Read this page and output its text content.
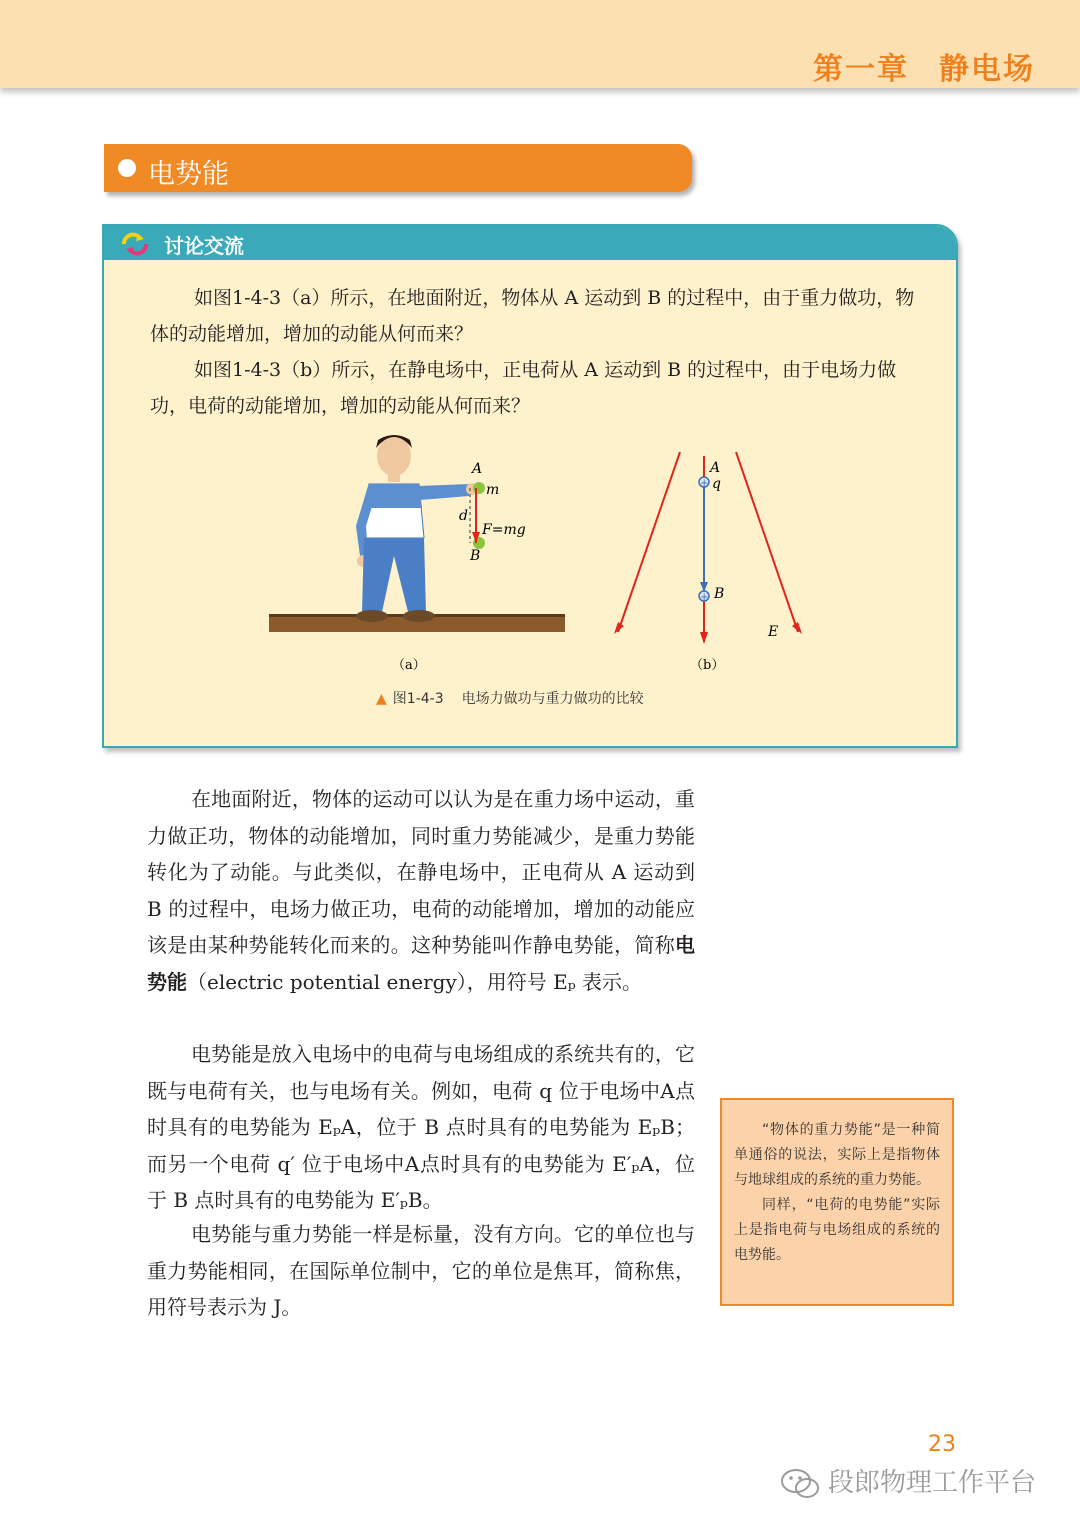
第一章 静电场
电势能
讨论交流

如图1-4-3（a）所示，在地面附近，物体从 A 运动到 B 的过程中，由于重力做功，物体的动能增加，增加的动能从何而来？

如图1-4-3（b）所示，在静电场中，正电荷从 A 运动到 B 的过程中，由于电场力做功，电荷的动能增加，增加的动能从何而来？

A
m
d
F=mg
B
（a）
+
+
A
q
B
E
（b）
▲ 图1-4-3 电场力做功与重力做功的比较

在地面附近，物体的运动可以认为是在重力场中运动，重力做正功，物体的动能增加，同时重力势能减少，是重力势能转化为了动能。与此类似，在静电场中，正电荷从 A 运动到 B 的过程中，电场力做正功，电荷的动能增加，增加的动能应该是由某种势能转化而来的。这种势能叫作静电势能，简称电势能（electric potential energy），用符号 Eₚ 表示。

电势能是放入电场中的电荷与电场组成的系统共有的，它既与电荷有关，也与电场有关。例如，电荷 q 位于电场中A点时具有的电势能为 EₚA，位于 B 点时具有的电势能为 EₚB；而另一个电荷 q′ 位于电场中A点时具有的电势能为 E′ₚA，位于 B 点时具有的电势能为 E′ₚB。

电势能与重力势能一样是标量，没有方向。它的单位也与重力势能相同，在国际单位制中，它的单位是焦耳，简称焦，用符号表示为 J。

“物体的重力势能”是一种简单通俗的说法，实际上是指物体与地球组成的系统的重力势能。

同样，“电荷的电势能”实际上是指电荷与电场组成的系统的电势能。

23
段郎物理工作平台
